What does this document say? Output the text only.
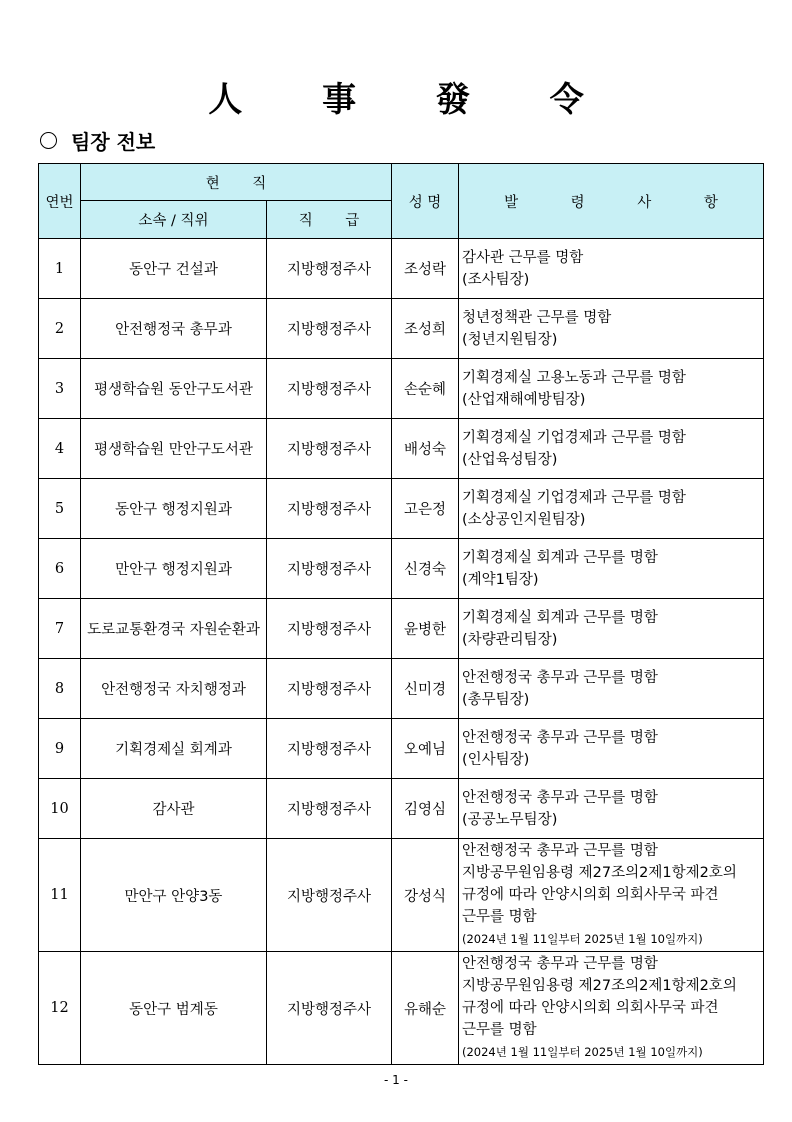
人 事 發 令
팀장 전보
연번	현 직		성 명	발 령 사 항
	소속 / 직위	직 급		
1	동안구 건설과	지방행정주사	조성락	감사관 근무를 명함
(조사팀장)

2	안전행정국 총무과	지방행정주사	조성희	청년정책관 근무를 명함
(청년지원팀장)

3	평생학습원 동안구도서관	지방행정주사	손순혜	기획경제실 고용노동과 근무를 명함
(산업재해예방팀장)

4	평생학습원 만안구도서관	지방행정주사	배성숙	기획경제실 기업경제과 근무를 명함
(산업육성팀장)

5	동안구 행정지원과	지방행정주사	고은정	기획경제실 기업경제과 근무를 명함
(소상공인지원팀장)

6	만안구 행정지원과	지방행정주사	신경숙	기획경제실 회계과 근무를 명함
(계약1팀장)

7	도로교통환경국 자원순환과	지방행정주사	윤병한	기획경제실 회계과 근무를 명함
(차량관리팀장)

8	안전행정국 자치행정과	지방행정주사	신미경	안전행정국 총무과 근무를 명함
(총무팀장)

9	기획경제실 회계과	지방행정주사	오예님	안전행정국 총무과 근무를 명함
(인사팀장)

10	감사관	지방행정주사	김영심	안전행정국 총무과 근무를 명함
(공공노무팀장)

11	만안구 안양3동	지방행정주사	강성식	안전행정국 총무과 근무를 명함
지방공무원임용령 제27조의2제1항제2호의
규정에 따라 안양시의회 의회사무국 파견
근무를 명함
(2024년 1월 11일부터 2025년 1월 10일까지)

12	동안구 범계동	지방행정주사	유해순	안전행정국 총무과 근무를 명함
지방공무원임용령 제27조의2제1항제2호의
규정에 따라 안양시의회 의회사무국 파견
근무를 명함
(2024년 1월 11일부터 2025년 1월 10일까지)
- 1 -
